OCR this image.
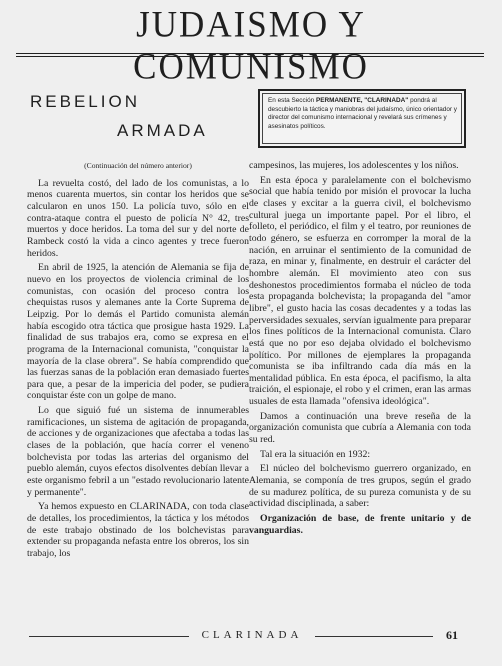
JUDAISMO Y COMUNISMO
REBELION
ARMADA
En esta Sección PERMANENTE, "CLARINADA" pondrá al descubierto la táctica y maniobras del judaísmo, único orientador y director del comunismo internacional y revelará sus crímenes y asesinatos políticos.

(Continuación del número anterior)

La revuelta costó, del lado de los comunistas, a lo menos cuarenta muertos, sin contar los heridos que se calcularon en unos 150. La policía tuvo, sólo en el contra-ataque contra el puesto de policía N° 42, tres muertos y doce heridos. La toma del sur y del norte de Rambeck costó la vida a cinco agentes y trece fueron heridos.

En abril de 1925, la atención de Alemania se fija de nuevo en los proyectos de violencia criminal de los comunistas, con ocasión del proceso contra los chequistas rusos y alemanes ante la Corte Suprema de Leipzig. Por lo demás el Partido comunista alemán había escogido otra táctica que prosigue hasta 1929. La finalidad de sus trabajos era, como se expresa en el programa de la Internacional comunista, "conquistar la mayoría de la clase obrera". Se había comprendido que las fuerzas sanas de la población eran demasiado fuertes para que, a pesar de la impericia del poder, se pudiera conquistar éste con un golpe de mano.

Lo que siguió fué un sistema de innumerables ramificaciones, un sistema de agitación de propaganda, de acciones y de organizaciones que afectaba a todas las clases de la población, que hacía correr el veneno bolchevista por todas las arterias del organismo del pueblo alemán, cuyos efectos disolventes debían llevar a este organismo febril a un "estado revolucionario latente y permanente".

Ya hemos expuesto en CLARINADA, con toda clase de detalles, los procedimientos, la táctica y los métodos de este trabajo obstinado de los bolchevistas para extender su propaganda nefasta entre los obreros, los sin trabajo, los

campesinos, las mujeres, los adolescentes y los niños.

En esta época y paralelamente con el bolchevismo social que había tenido por misión el provocar la lucha de clases y excitar a la guerra civil, el bolchevismo cultural juega un importante papel. Por el libro, el folleto, el periódico, el film y el teatro, por reuniones de todo género, se esfuerza en corromper la moral de la nación, en arruinar el sentimiento de la comunidad de raza, en minar y, finalmente, en destruir el carácter del hombre alemán. El movimiento ateo con sus deshonestos procedimientos formaba el núcleo de toda esta propaganda bolchevista; la propaganda del "amor libre", el gusto hacia las cosas decadentes y a todas las perversidades sexuales, servían igualmente para preparar los fines políticos de la Internacional comunista. Claro está que no por eso dejaba olvidado el bolchevismo político. Por millones de ejemplares la propaganda comunista se iba infiltrando cada día más en la mentalidad pública. En esta época, el pacifismo, la alta traición, el espionaje, el robo y el crimen, eran las armas usuales de esta llamada "ofensiva ideológica".

Damos a continuación una breve reseña de la organización comunista que cubría a Alemania con toda su red.

Tal era la situación en 1932:

El núcleo del bolchevismo guerrero organizado, en Alemania, se componía de tres grupos, según el grado de su madurez política, de su pureza comunista y de su actividad disciplinada, a saber:

Organización de base, de frente unitario y de vanguardias.

CLARINADA	61
